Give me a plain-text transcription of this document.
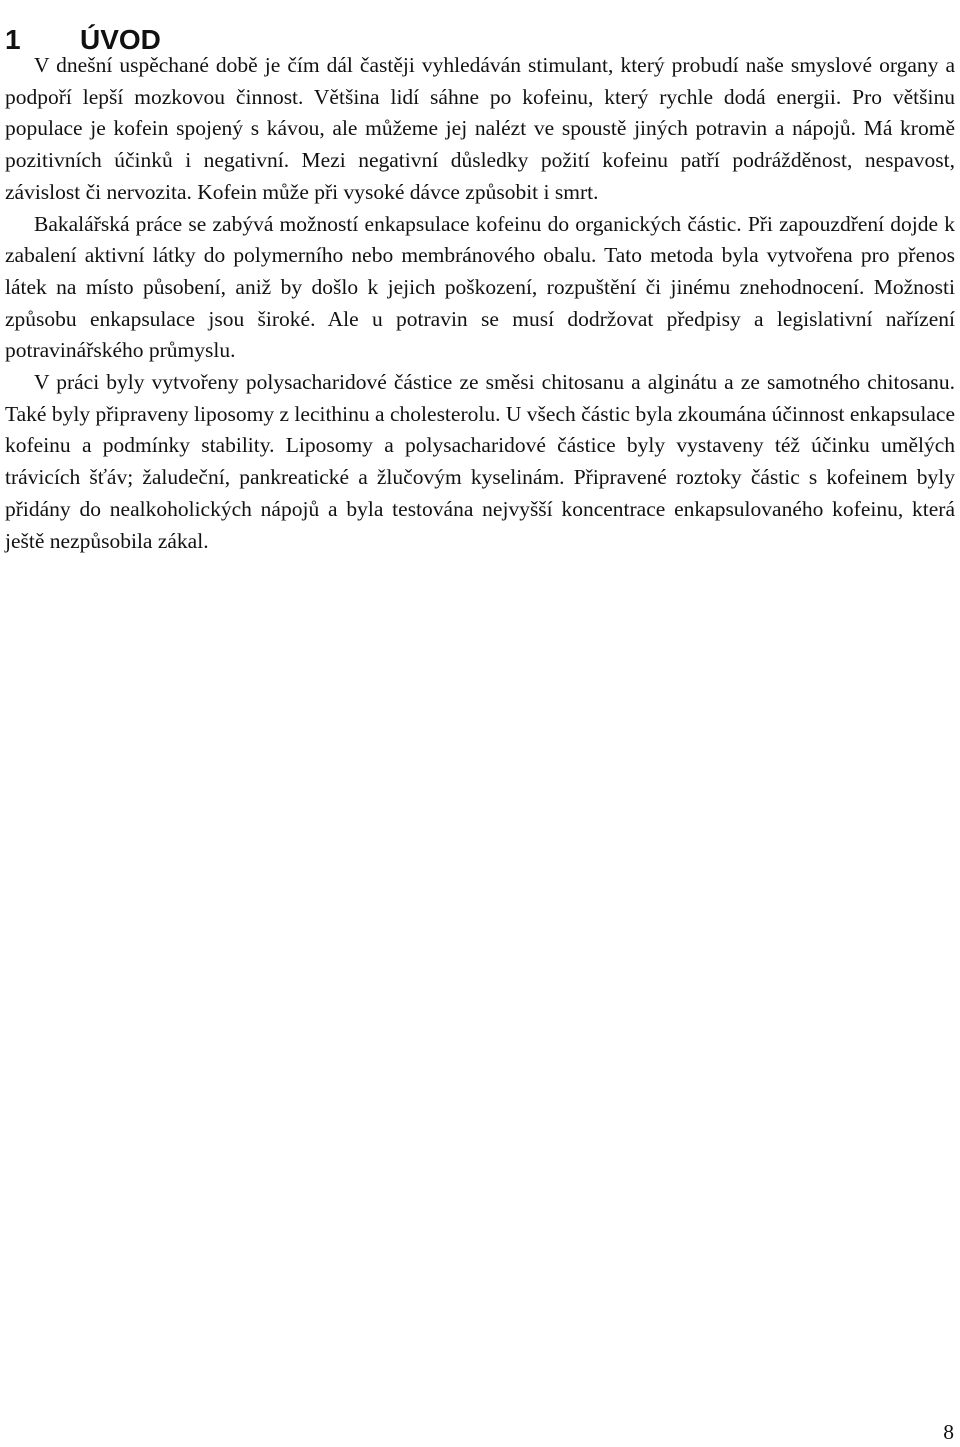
1 ÚVOD

V dnešní uspěchané době je čím dál častěji vyhledáván stimulant, který probudí naše smyslové organy a podpoří lepší mozkovou činnost. Většina lidí sáhne po kofeinu, který rychle dodá energii. Pro většinu populace je kofein spojený s kávou, ale můžeme jej nalézt ve spoustě jiných potravin a nápojů. Má kromě pozitivních účinků i negativní. Mezi negativní důsledky požití kofeinu patří podrážděnost, nespavost, závislost či nervozita. Kofein může při vysoké dávce způsobit i smrt.

Bakalářská práce se zabývá možností enkapsulace kofeinu do organických částic. Při zapouzdření dojde k zabalení aktivní látky do polymerního nebo membránového obalu. Tato metoda byla vytvořena pro přenos látek na místo působení, aniž by došlo k jejich poškození, rozpuštění či jinému znehodnocení. Možnosti způsobu enkapsulace jsou široké. Ale u potravin se musí dodržovat předpisy a legislativní nařízení potravinářského průmyslu.

V práci byly vytvořeny polysacharidové částice ze směsi chitosanu a alginátu a ze samotného chitosanu. Také byly připraveny liposomy z lecithinu a cholesterolu. U všech částic byla zkoumána účinnost enkapsulace kofeinu a podmínky stability. Liposomy a polysacharidové částice byly vystaveny též účinku umělých trávicích šťáv; žaludeční, pankreatické a žlučovým kyselinám. Připravené roztoky částic s kofeinem byly přidány do nealkoholických nápojů a byla testována nejvyšší koncentrace enkapsulovaného kofeinu, která ještě nezpůsobila zákal.

8
